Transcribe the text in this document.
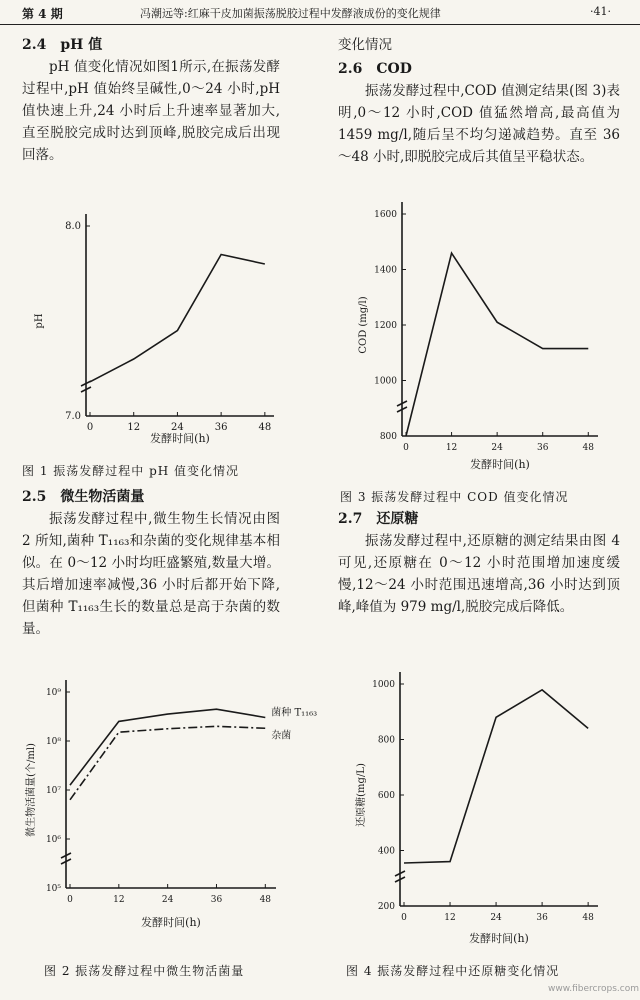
第 4 期	冯潮远等:红麻干皮加菌振荡脱胶过程中发酵液成份的变化规律	·41·

2.4 pH 值

pH 值变化情况如图1所示,在振荡发酵过程中,pH 值始终呈碱性,0～24 小时,pH 值快速上升,24 小时后上升速率显著加大,直至脱胶完成时达到顶峰,脱胶完成后出现回落。

0	12	24	36	48
7.0
8.0
发酵时间(h)
pH
图 1 振荡发酵过程中 pH 值变化情况

2.5 微生物活菌量

振荡发酵过程中,微生物生长情况由图 2 所知,菌种 T₁₁₆₃和杂菌的变化规律基本相似。在 0～12 小时均旺盛繁殖,数量大增。其后增加速率减慢,36 小时后都开始下降,但菌种 T₁₁₆₃生长的数量总是高于杂菌的数量。

0	12	24	36	48
10⁵
10⁶
10⁷
10⁸
10⁹
发酵时间(h)
微生物活菌量(个/ml)
菌种 T₁₁₆₃
杂菌
图 2 振荡发酵过程中微生物活菌量

变化情况

2.6 COD

振荡发酵过程中,COD 值测定结果(图 3)表明,0～12 小时,COD 值猛然增高,最高值为 1459 mg/l,随后呈不均匀递减趋势。直至 36～48 小时,即脱胶完成后其值呈平稳状态。

0	12	24	36	48
800
1000
1200
1400
1600
发酵时间(h)
COD (mg/l)
图 3 振荡发酵过程中 COD 值变化情况

2.7 还原糖

振荡发酵过程中,还原糖的测定结果由图 4 可见,还原糖在 0～12 小时范围增加速度缓慢,12～24 小时范围迅速增高,36 小时达到顶峰,峰值为 979 mg/l,脱胶完成后降低。

0	12	24	36	48
200
400
600
800
1000
发酵时间(h)
还原糖(mg/L)
图 4 振荡发酵过程中还原糖变化情况
www.fibercrops.com
